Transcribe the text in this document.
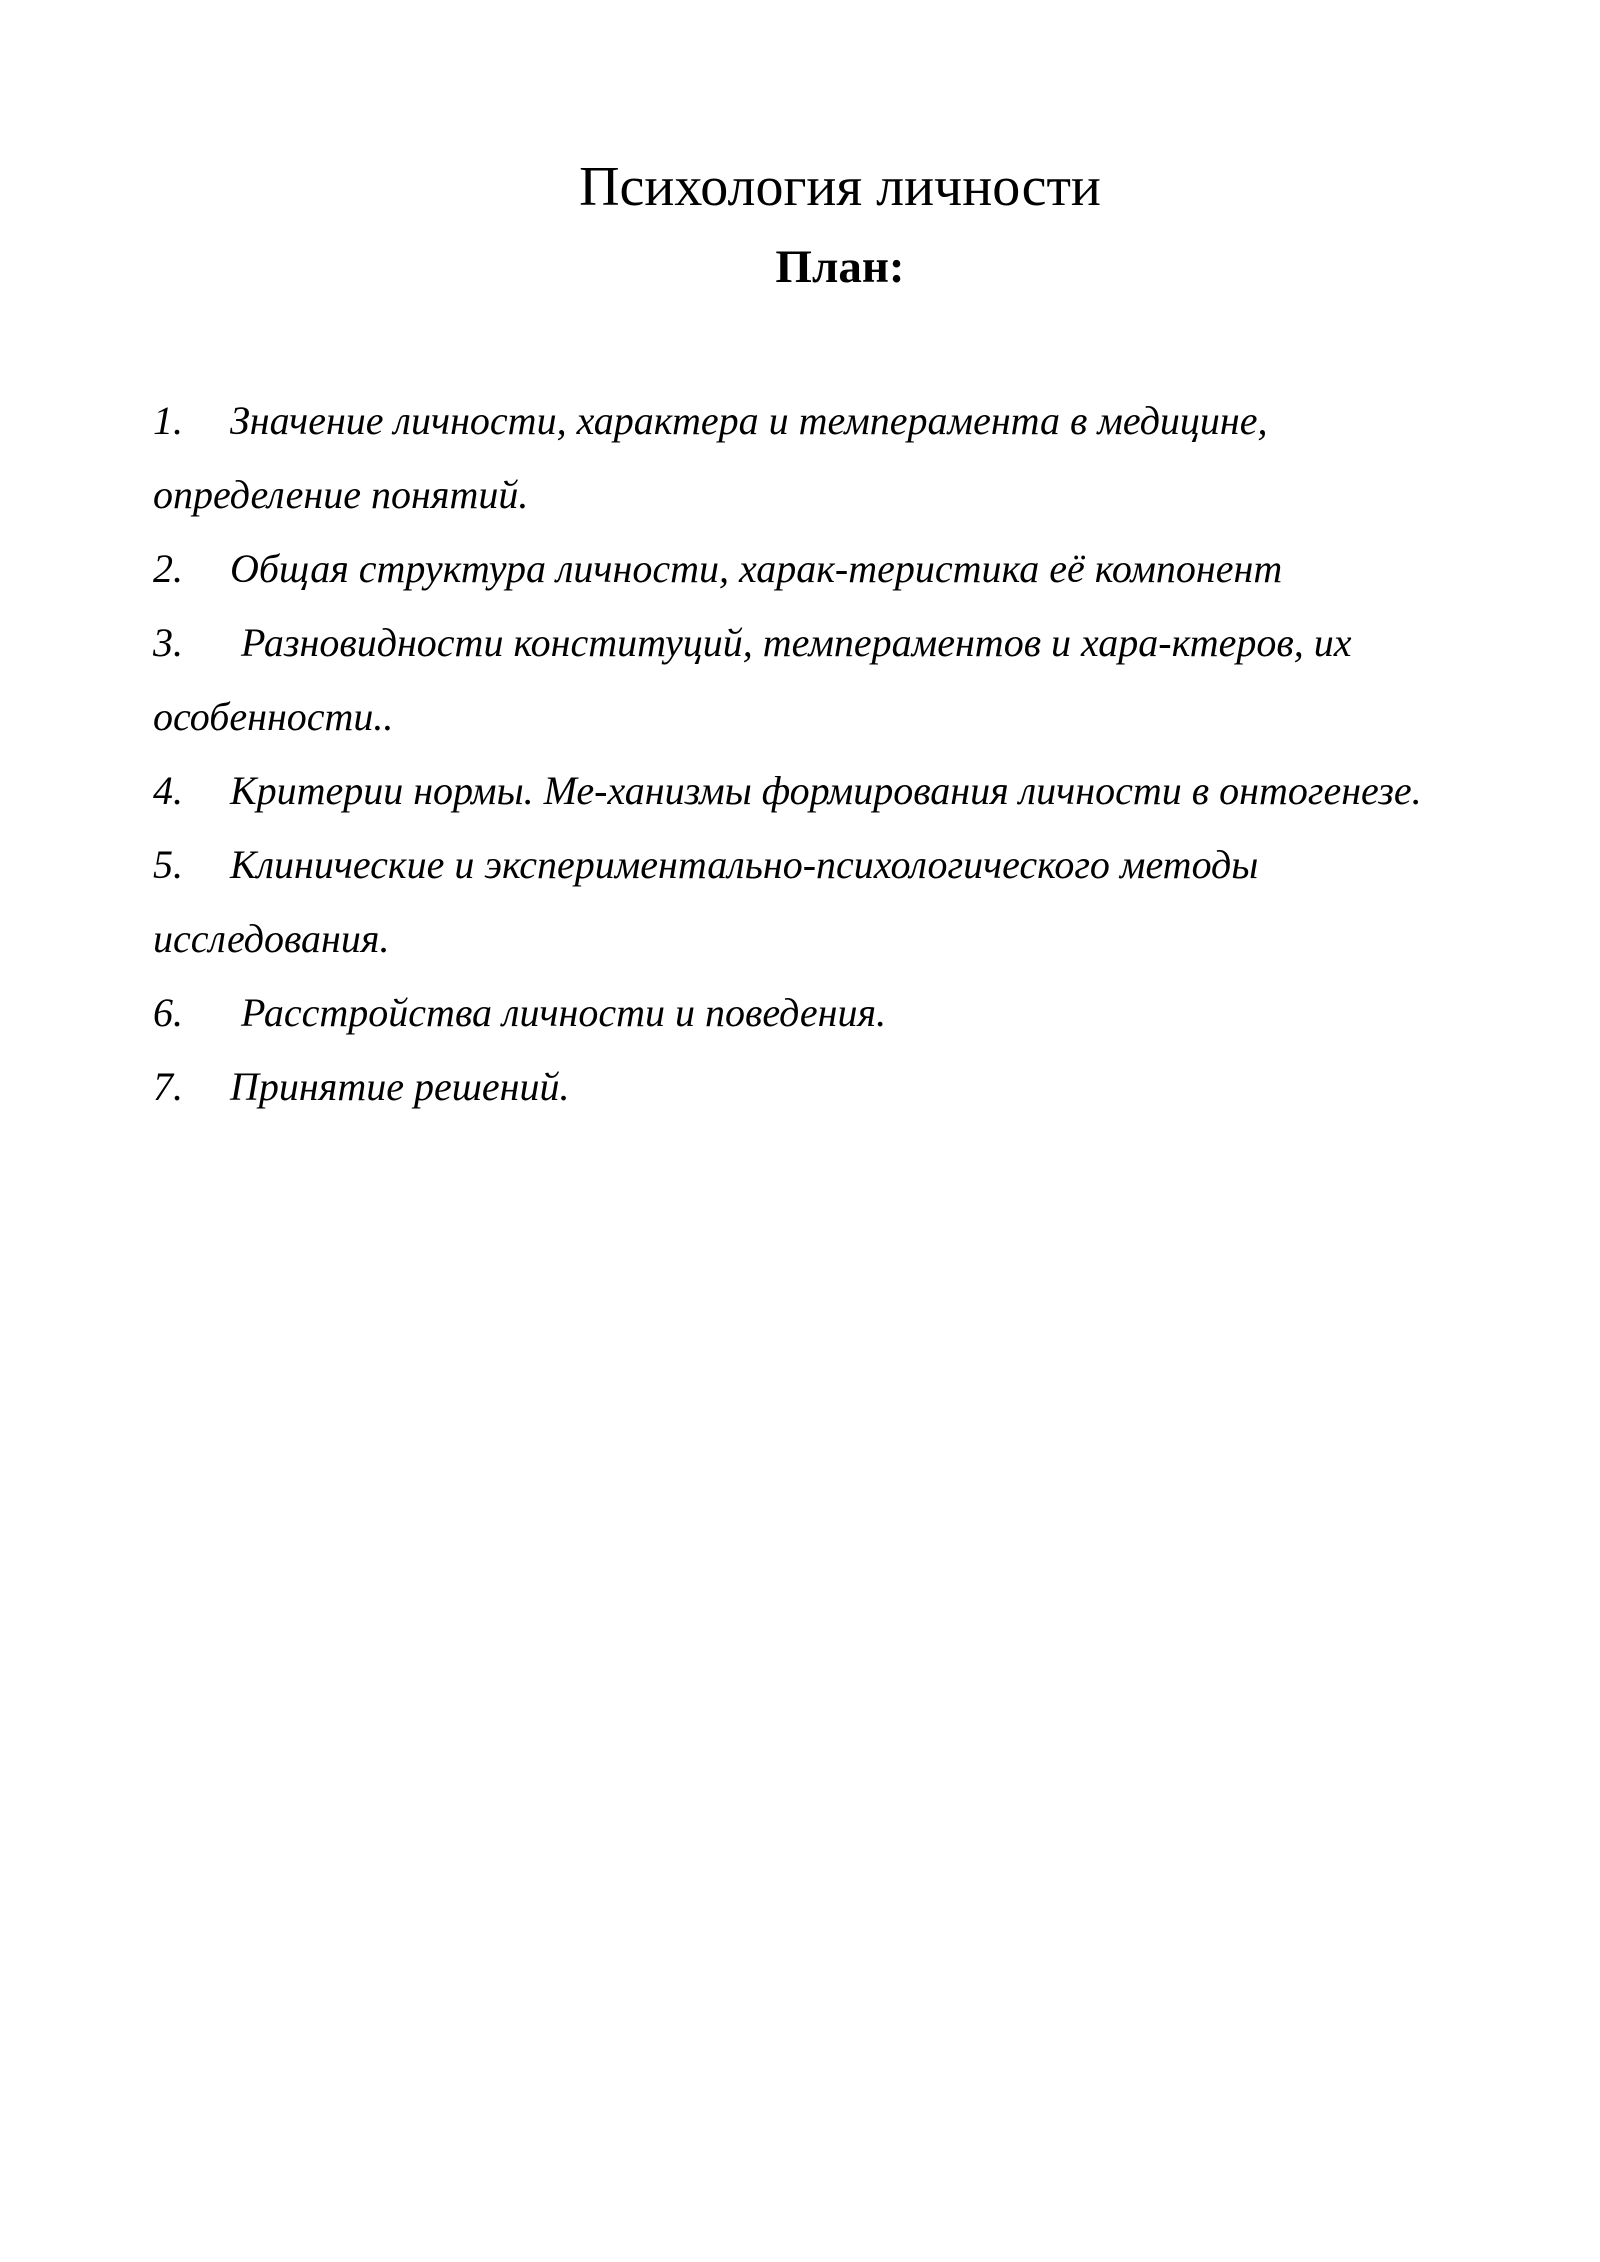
Психология личности
План:
1. Значение личности, характера и темперамента в медицине,
определение понятий.
2. Общая структура личности, харак-теристика её компонент
3. Разновидности конституций, темпераментов и хара-ктеров, их
особенности..
4. Критерии нормы. Ме-ханизмы формирования личности в онтогенезе.
5. Клинические и экспериментально-психологического методы
исследования.
6. Расстройства личности и поведения.
7. Принятие решений.
